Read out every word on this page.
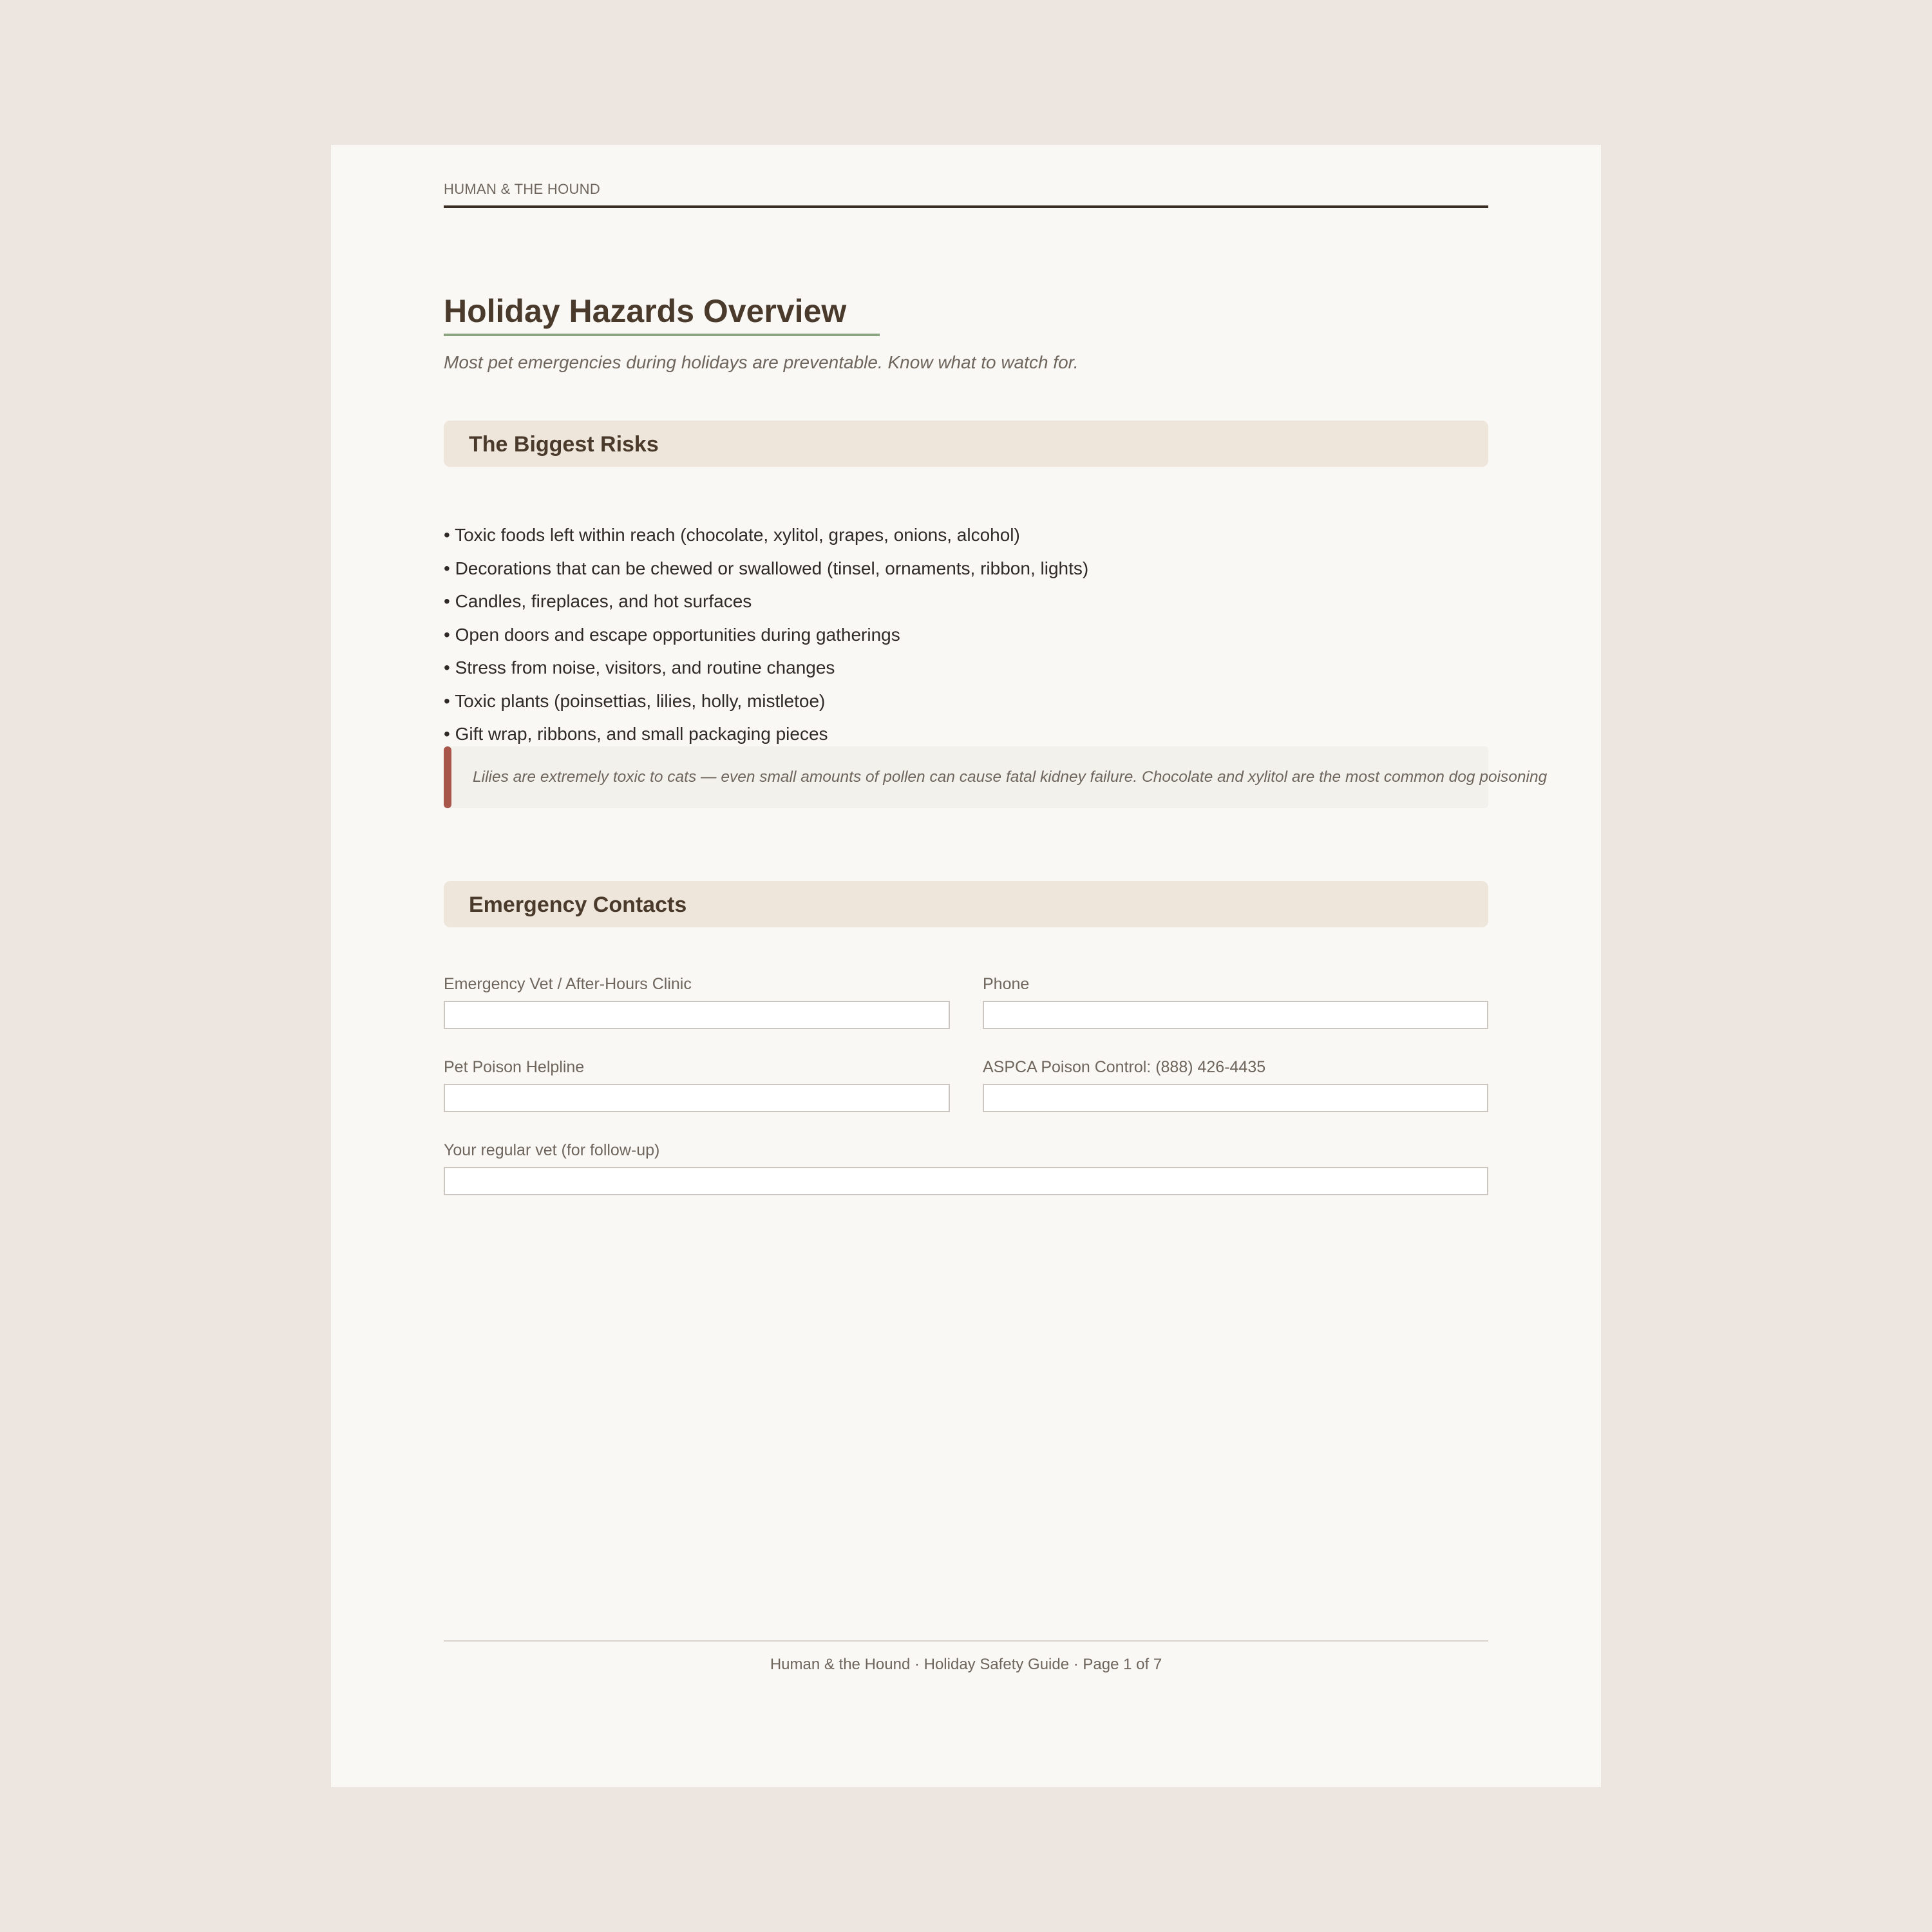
HUMAN & THE HOUND
Holiday Hazards Overview
Most pet emergencies during holidays are preventable. Know what to watch for.
The Biggest Risks
• Toxic foods left within reach (chocolate, xylitol, grapes, onions, alcohol)
• Decorations that can be chewed or swallowed (tinsel, ornaments, ribbon, lights)
• Candles, fireplaces, and hot surfaces
• Open doors and escape opportunities during gatherings
• Stress from noise, visitors, and routine changes
• Toxic plants (poinsettias, lilies, holly, mistletoe)
• Gift wrap, ribbons, and small packaging pieces
Lilies are extremely toxic to cats — even small amounts of pollen can cause fatal kidney failure. Chocolate and xylitol are the most common dog poisoning
Emergency Contacts
Emergency Vet / After-Hours Clinic	Phone
Pet Poison Helpline	ASPCA Poison Control: (888) 426-4435
Your regular vet (for follow-up)
Human & the Hound · Holiday Safety Guide · Page 1 of 7
